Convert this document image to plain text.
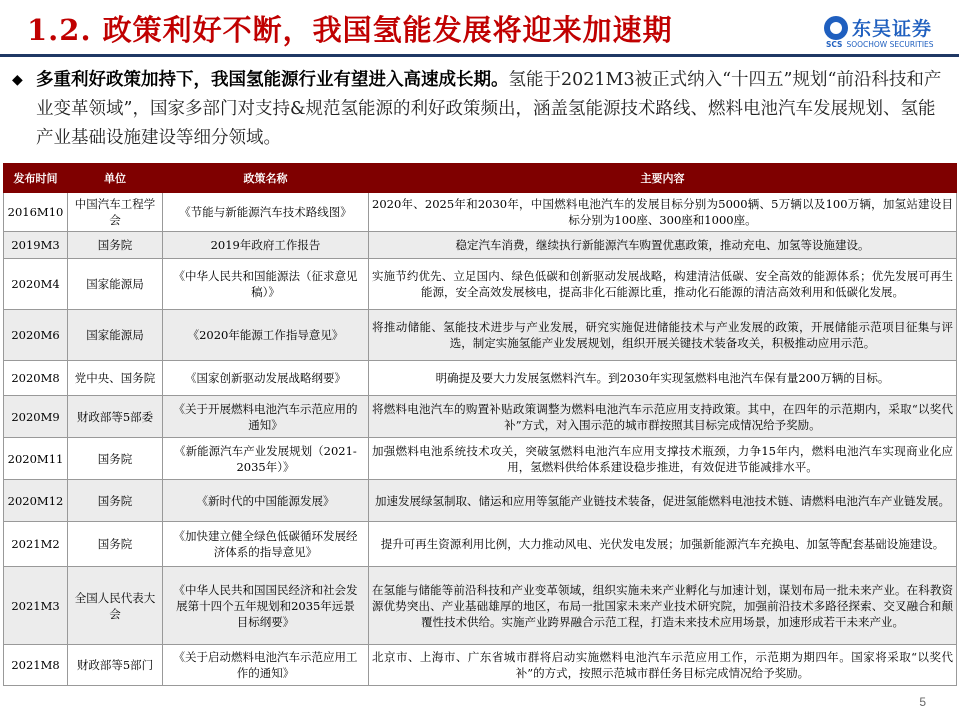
1.2. 政策利好不断，我国氢能发展将迎来加速期	东吴证券
SCS SOOCHOW SECURITIES
◆ 多重利好政策加持下，我国氢能源行业有望进入高速成长期。氢能于2021M3被正式纳入“十四五”规划“前沿科技和产业变革领域”，国家多部门对支持&规范氢能源的利好政策频出，涵盖氢能源技术路线、燃料电池汽车发展规划、氢能产业基础设施建设等细分领域。
发布时间	单位	政策名称	主要内容
2016M10	中国汽车工程学会	《节能与新能源汽车技术路线图》	2020年、2025年和2030年，中国燃料电池汽车的发展目标分别为5000辆、5万辆以及100万辆，加氢站建设目标分别为100座、300座和1000座。
2019M3	国务院	2019年政府工作报告	稳定汽车消费，继续执行新能源汽车购置优惠政策，推动充电、加氢等设施建设。
2020M4	国家能源局	《中华人民共和国能源法（征求意见稿）》	实施节约优先、立足国内、绿色低碳和创新驱动发展战略，构建清洁低碳、安全高效的能源体系；优先发展可再生能源，安全高效发展核电，提高非化石能源比重，推动化石能源的清洁高效利用和低碳化发展。
2020M6	国家能源局	《2020年能源工作指导意见》	将推动储能、氢能技术进步与产业发展，研究实施促进储能技术与产业发展的政策，开展储能示范项目征集与评选，制定实施氢能产业发展规划，组织开展关键技术装备攻关，积极推动应用示范。
2020M8	党中央、国务院	《国家创新驱动发展战略纲要》	明确提及要大力发展氢燃料汽车。到2030年实现氢燃料电池汽车保有量200万辆的目标。
2020M9	财政部等5部委	《关于开展燃料电池汽车示范应用的通知》	将燃料电池汽车的购置补贴政策调整为燃料电池汽车示范应用支持政策。其中，在四年的示范期内，采取“以奖代补”方式，对入围示范的城市群按照其目标完成情况给予奖励。
2020M11	国务院	《新能源汽车产业发展规划（2021-2035年）》	加强燃料电池系统技术攻关，突破氢燃料电池汽车应用支撑技术瓶颈，力争15年内，燃料电池汽车实现商业化应用，氢燃料供给体系建设稳步推进，有效促进节能减排水平。
2020M12	国务院	《新时代的中国能源发展》	加速发展绿氢制取、储运和应用等氢能产业链技术装备，促进氢能燃料电池技术链、请燃料电池汽车产业链发展。
2021M2	国务院	《加快建立健全绿色低碳循环发展经济体系的指导意见》	提升可再生资源利用比例，大力推动风电、光伏发电发展；加强新能源汽车充换电、加氢等配套基础设施建设。
2021M3	全国人民代表大会	《中华人民共和国国民经济和社会发展第十四个五年规划和2035年远景目标纲要》	在氢能与储能等前沿科技和产业变革领域，组织实施未来产业孵化与加速计划，谋划布局一批未来产业。在科教资源优势突出、产业基础雄厚的地区，布局一批国家未来产业技术研究院，加强前沿技术多路径探索、交叉融合和颠覆性技术供给。实施产业跨界融合示范工程，打造未来技术应用场景，加速形成若干未来产业。
2021M8	财政部等5部门	《关于启动燃料电池汽车示范应用工作的通知》	北京市、上海市、广东省城市群将启动实施燃料电池汽车示范应用工作，示范期为期四年。国家将采取“以奖代补”的方式，按照示范城市群任务目标完成情况给予奖励。
5
